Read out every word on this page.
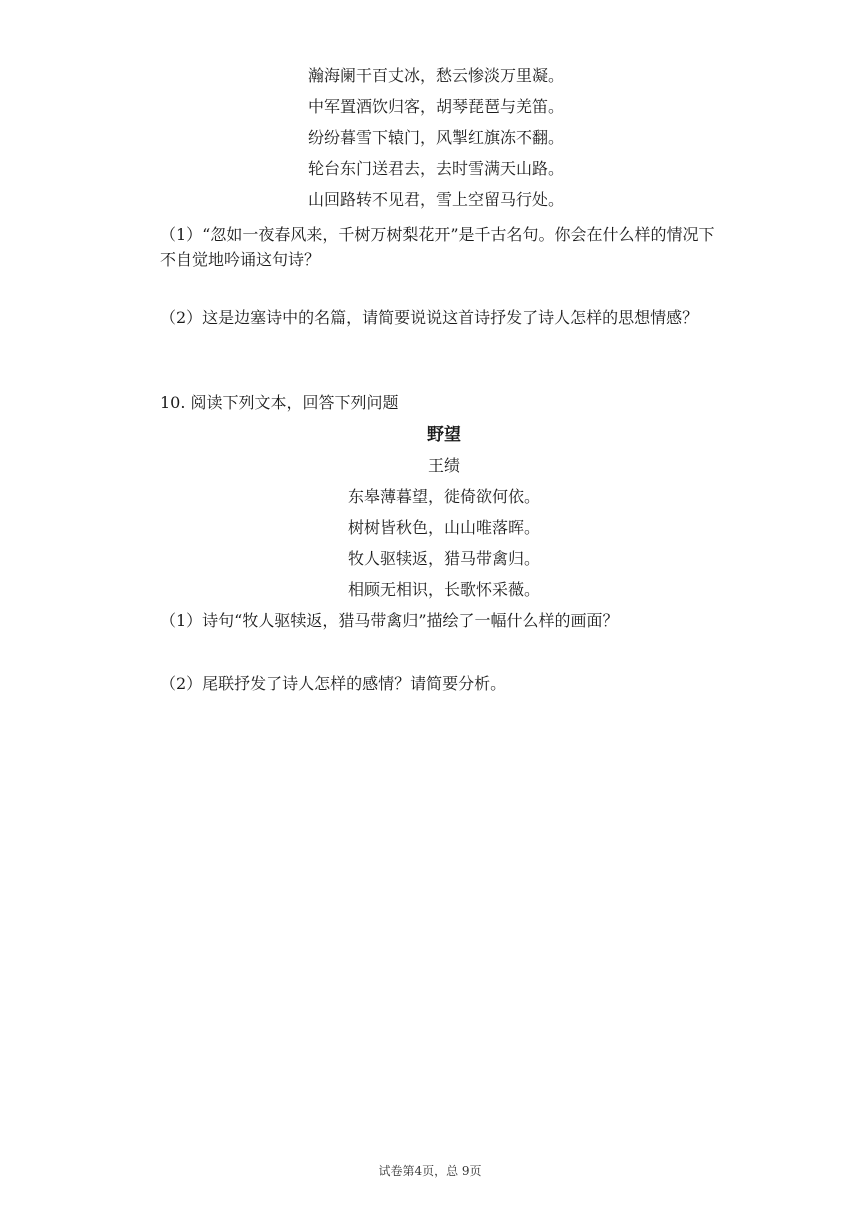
瀚海阑干百丈冰，愁云惨淡万里凝。
中军置酒饮归客，胡琴琵琶与羌笛。
纷纷暮雪下辕门，风掣红旗冻不翻。
轮台东门送君去，去时雪满天山路。
山回路转不见君，雪上空留马行处。
（1）“忽如一夜春风来，千树万树梨花开”是千古名句。你会在什么样的情况下不自觉地吟诵这句诗？
（2）这是边塞诗中的名篇，请简要说说这首诗抒发了诗人怎样的思想情感？
10. 阅读下列文本，回答下列问题
野望
王绩
东皋薄暮望，徙倚欲何依。
树树皆秋色，山山唯落晖。
牧人驱犊返，猎马带禽归。
相顾无相识，长歌怀采薇。
（1）诗句“牧人驱犊返，猎马带禽归”描绘了一幅什么样的画面？
（2）尾联抒发了诗人怎样的感情？请简要分析。
试卷第4页，总 9页
